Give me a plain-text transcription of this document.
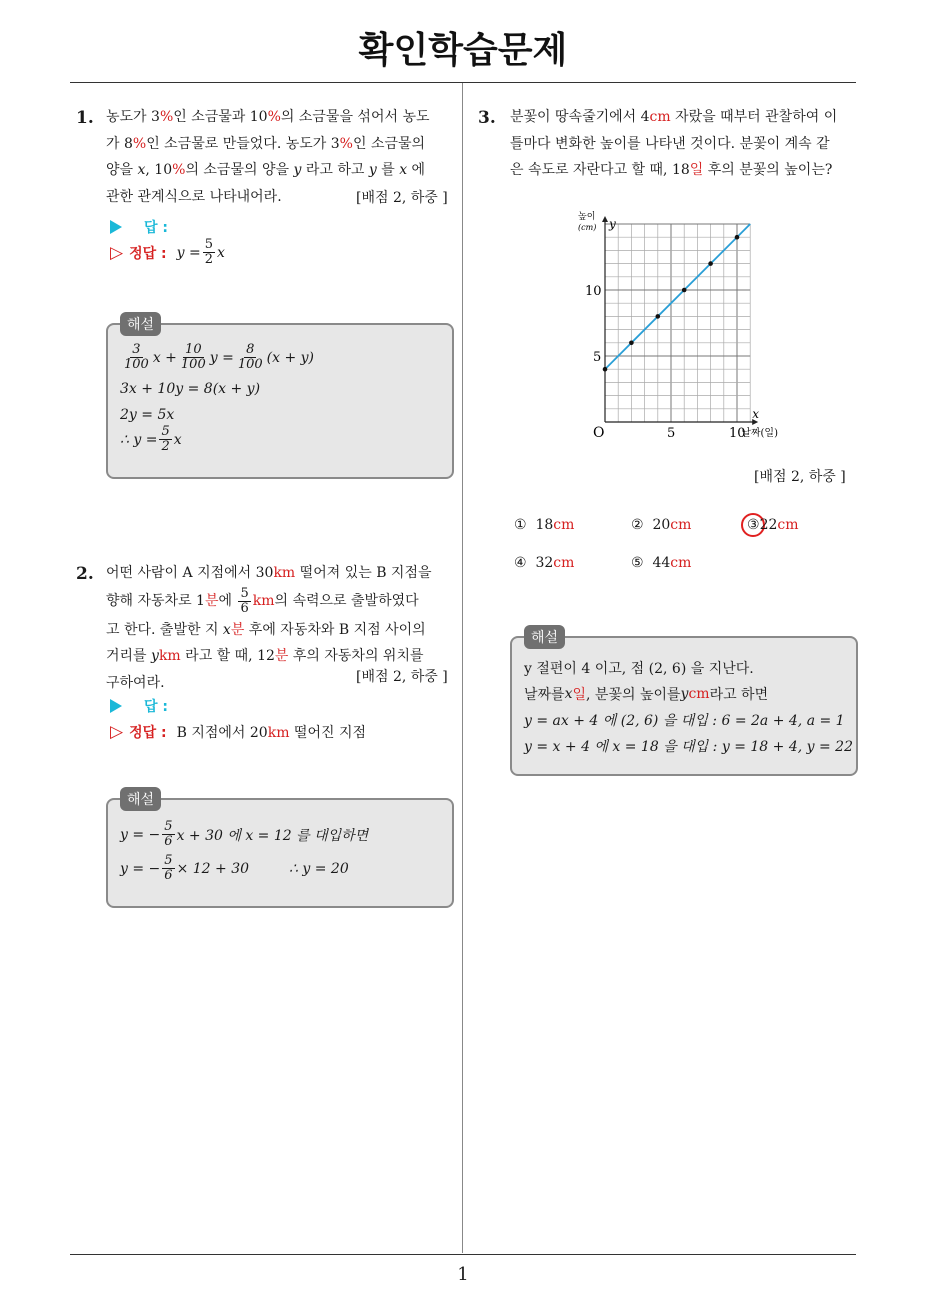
확인학습문제
1
1. 농도가 3%인 소금물과 10%의 소금물을 섞어서 농도
가 8%인 소금물로 만들었다. 농도가 3%인 소금물의
양을 x, 10%의 소금물의 양을 y 라고 하고 y 를 x 에
관한 관계식으로 나타내어라.	[배점 2, 하중 ]
답 :
▷ 정답 : $y = \frac{5}{2}$ x
해설
$\frac{3}{100}$ $x + \frac{10}{100}$ $y = \frac{8}{100} (x + y)$
3x + 10y = 8(x + y)
2y = 5x
∴ $y = \frac{5}{2}$ x
2. 어떤 사람이 A 지점에서 30km 떨어져 있는 B 지점을
향해 자동차로 1 분 에
$\frac{5}{6}$ km 의 속력으로 출발하였다
고 한다. 출발한 지 x분 후에 자동차와 B 지점 사이의
거리를 ykm 라고 할 때, 12분 후의 자동차의 위치를
구하여라.	[배점 2, 하중 ]
답 :
▷ 정답 : B 지점에서 20km 떨어진 지점
해설
y = − $\frac{5}{6}$ x + 30 에 x = 12 를 대입하면
y = − $\frac{5}{6} \times 12 + 30$	∴ y = 20
3. 분꽃이 땅속줄기에서 4cm 자랐을 때부터 관찰하여 이
틀마다 변화한 높이를 나타낸 것이다. 분꽃이 계속 같
은 속도로 자란다고 할 때, 18일 후의 분꽃의 높이는?
O	5	10
5
10
높이
(cm) y
x
날짜(일)
[배점 2, 하중 ]
① 18cm	② 20cm	③22cm
④ 32cm	⑤ 44cm
해설
y 절편이 4 이고, 점 (2, 6) 을 지난다.
날짜를 x 일 , 분꽃의 높이를 y cm 라고 하면
y = ax + 4 에 (2, 6) 을 대입 : 6 = 2a + 4, a = 1
y = x + 4 에 x = 18 을 대입 : y = 18 + 4, y = 22
